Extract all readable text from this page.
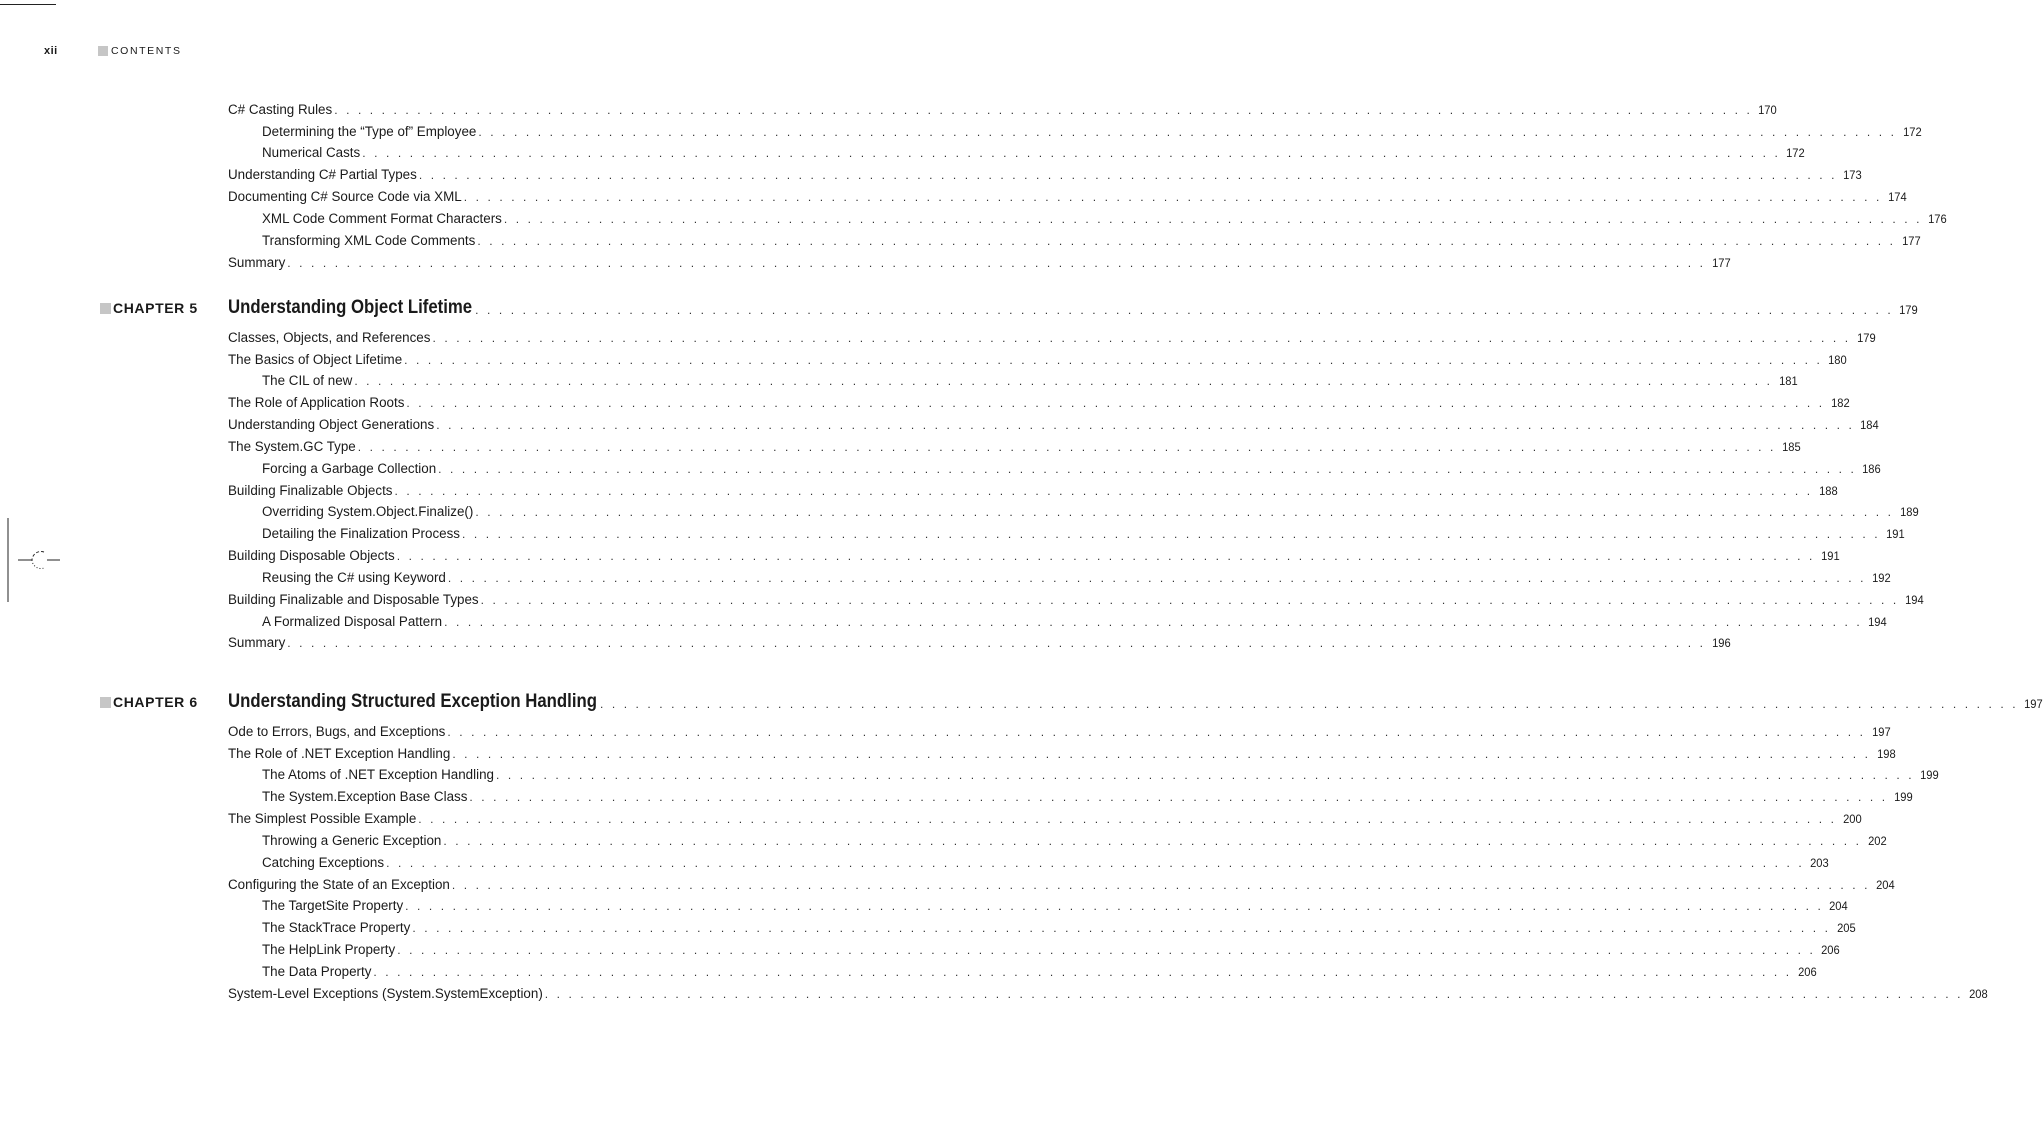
xii	CONTENTS
C# Casting Rules . . . . . . . . . . . . . . . . . . . . . . . . . . . . . . . . . . . . . . . . . . . . . . . . . . . . . . . . . . . . . . . . . . . . . . . . . . . . . . . . . . . . . . . . . . . . . . . . . . . . . . . . . . . . . . . . . . . . . . . . 170
Determining the “Type of” Employee . . . . . . . . . . . . . . . . . . . . . . . . . . . . . . . . . . . . . . . . . . . . . . . . . . . . . . . . . . . . . . . . . . . . . . . . . . . . . . . . . . . . . . . . . . . . . . . . . . . . . . . . . . . . . . . . . . . . . . . . 172
Numerical Casts . . . . . . . . . . . . . . . . . . . . . . . . . . . . . . . . . . . . . . . . . . . . . . . . . . . . . . . . . . . . . . . . . . . . . . . . . . . . . . . . . . . . . . . . . . . . . . . . . . . . . . . . . . . . . . . . . . . . . . . . 172
Understanding C# Partial Types . . . . . . . . . . . . . . . . . . . . . . . . . . . . . . . . . . . . . . . . . . . . . . . . . . . . . . . . . . . . . . . . . . . . . . . . . . . . . . . . . . . . . . . . . . . . . . . . . . . . . . . . . . . . . . . . . . . . . . . . 173
Documenting C# Source Code via XML . . . . . . . . . . . . . . . . . . . . . . . . . . . . . . . . . . . . . . . . . . . . . . . . . . . . . . . . . . . . . . . . . . . . . . . . . . . . . . . . . . . . . . . . . . . . . . . . . . . . . . . . . . . . . . . . . . . . . . . . 174
XML Code Comment Format Characters . . . . . . . . . . . . . . . . . . . . . . . . . . . . . . . . . . . . . . . . . . . . . . . . . . . . . . . . . . . . . . . . . . . . . . . . . . . . . . . . . . . . . . . . . . . . . . . . . . . . . . . . . . . . . . . . . . . . . . . . 176
Transforming XML Code Comments . . . . . . . . . . . . . . . . . . . . . . . . . . . . . . . . . . . . . . . . . . . . . . . . . . . . . . . . . . . . . . . . . . . . . . . . . . . . . . . . . . . . . . . . . . . . . . . . . . . . . . . . . . . . . . . . . . . . . . . . 177
Summary . . . . . . . . . . . . . . . . . . . . . . . . . . . . . . . . . . . . . . . . . . . . . . . . . . . . . . . . . . . . . . . . . . . . . . . . . . . . . . . . . . . . . . . . . . . . . . . . . . . . . . . . . . . . . . . . . . . . . . . . 177
CHAPTER 5 Understanding Object Lifetime . . . . . . . . . . . . . . . . . . . . . . . . . . . . . . . . . . . . . . . . . . . . . . . . . . . . . . . . . . . . . . . . . . . . . . . . . . . . . . . . . . . . . . . . . . . . . . . . . . . . . . . . . . . . . . . . . . . . . . . . 179
Classes, Objects, and References . . . . . . . . . . . . . . . . . . . . . . . . . . . . . . . . . . . . . . . . . . . . . . . . . . . . . . . . . . . . . . . . . . . . . . . . . . . . . . . . . . . . . . . . . . . . . . . . . . . . . . . . . . . . . . . . . . . . . . . . 179
The Basics of Object Lifetime . . . . . . . . . . . . . . . . . . . . . . . . . . . . . . . . . . . . . . . . . . . . . . . . . . . . . . . . . . . . . . . . . . . . . . . . . . . . . . . . . . . . . . . . . . . . . . . . . . . . . . . . . . . . . . . . . . . . . . . . 180
The CIL of new . . . . . . . . . . . . . . . . . . . . . . . . . . . . . . . . . . . . . . . . . . . . . . . . . . . . . . . . . . . . . . . . . . . . . . . . . . . . . . . . . . . . . . . . . . . . . . . . . . . . . . . . . . . . . . . . . . . . . . . . 181
The Role of Application Roots . . . . . . . . . . . . . . . . . . . . . . . . . . . . . . . . . . . . . . . . . . . . . . . . . . . . . . . . . . . . . . . . . . . . . . . . . . . . . . . . . . . . . . . . . . . . . . . . . . . . . . . . . . . . . . . . . . . . . . . . 182
Understanding Object Generations . . . . . . . . . . . . . . . . . . . . . . . . . . . . . . . . . . . . . . . . . . . . . . . . . . . . . . . . . . . . . . . . . . . . . . . . . . . . . . . . . . . . . . . . . . . . . . . . . . . . . . . . . . . . . . . . . . . . . . . . 184
The System.GC Type . . . . . . . . . . . . . . . . . . . . . . . . . . . . . . . . . . . . . . . . . . . . . . . . . . . . . . . . . . . . . . . . . . . . . . . . . . . . . . . . . . . . . . . . . . . . . . . . . . . . . . . . . . . . . . . . . . . . . . . . 185
Forcing a Garbage Collection . . . . . . . . . . . . . . . . . . . . . . . . . . . . . . . . . . . . . . . . . . . . . . . . . . . . . . . . . . . . . . . . . . . . . . . . . . . . . . . . . . . . . . . . . . . . . . . . . . . . . . . . . . . . . . . . . . . . . . . . 186
Building Finalizable Objects . . . . . . . . . . . . . . . . . . . . . . . . . . . . . . . . . . . . . . . . . . . . . . . . . . . . . . . . . . . . . . . . . . . . . . . . . . . . . . . . . . . . . . . . . . . . . . . . . . . . . . . . . . . . . . . . . . . . . . . . 188
Overriding System.Object.Finalize() . . . . . . . . . . . . . . . . . . . . . . . . . . . . . . . . . . . . . . . . . . . . . . . . . . . . . . . . . . . . . . . . . . . . . . . . . . . . . . . . . . . . . . . . . . . . . . . . . . . . . . . . . . . . . . . . . . . . . . . . 189
Detailing the Finalization Process . . . . . . . . . . . . . . . . . . . . . . . . . . . . . . . . . . . . . . . . . . . . . . . . . . . . . . . . . . . . . . . . . . . . . . . . . . . . . . . . . . . . . . . . . . . . . . . . . . . . . . . . . . . . . . . . . . . . . . . . 191
Building Disposable Objects . . . . . . . . . . . . . . . . . . . . . . . . . . . . . . . . . . . . . . . . . . . . . . . . . . . . . . . . . . . . . . . . . . . . . . . . . . . . . . . . . . . . . . . . . . . . . . . . . . . . . . . . . . . . . . . . . . . . . . . . 191
Reusing the C# using Keyword . . . . . . . . . . . . . . . . . . . . . . . . . . . . . . . . . . . . . . . . . . . . . . . . . . . . . . . . . . . . . . . . . . . . . . . . . . . . . . . . . . . . . . . . . . . . . . . . . . . . . . . . . . . . . . . . . . . . . . . . 192
Building Finalizable and Disposable Types . . . . . . . . . . . . . . . . . . . . . . . . . . . . . . . . . . . . . . . . . . . . . . . . . . . . . . . . . . . . . . . . . . . . . . . . . . . . . . . . . . . . . . . . . . . . . . . . . . . . . . . . . . . . . . . . . . . . . . . . 194
A Formalized Disposal Pattern . . . . . . . . . . . . . . . . . . . . . . . . . . . . . . . . . . . . . . . . . . . . . . . . . . . . . . . . . . . . . . . . . . . . . . . . . . . . . . . . . . . . . . . . . . . . . . . . . . . . . . . . . . . . . . . . . . . . . . . . 194
Summary . . . . . . . . . . . . . . . . . . . . . . . . . . . . . . . . . . . . . . . . . . . . . . . . . . . . . . . . . . . . . . . . . . . . . . . . . . . . . . . . . . . . . . . . . . . . . . . . . . . . . . . . . . . . . . . . . . . . . . . . 196
CHAPTER 6 Understanding Structured Exception Handling . . . . . . . . . . . . . . . . . . . . . . . . . . . . . . . . . . . . . . . . . . . . . . . . . . . . . . . . . . . . . . . . . . . . . . . . . . . . . . . . . . . . . . . . . . . . . . . . . . . . . . . . . . . . . . . . . . . . . . . . 197
Ode to Errors, Bugs, and Exceptions . . . . . . . . . . . . . . . . . . . . . . . . . . . . . . . . . . . . . . . . . . . . . . . . . . . . . . . . . . . . . . . . . . . . . . . . . . . . . . . . . . . . . . . . . . . . . . . . . . . . . . . . . . . . . . . . . . . . . . . . 197
The Role of .NET Exception Handling . . . . . . . . . . . . . . . . . . . . . . . . . . . . . . . . . . . . . . . . . . . . . . . . . . . . . . . . . . . . . . . . . . . . . . . . . . . . . . . . . . . . . . . . . . . . . . . . . . . . . . . . . . . . . . . . . . . . . . . . 198
The Atoms of .NET Exception Handling . . . . . . . . . . . . . . . . . . . . . . . . . . . . . . . . . . . . . . . . . . . . . . . . . . . . . . . . . . . . . . . . . . . . . . . . . . . . . . . . . . . . . . . . . . . . . . . . . . . . . . . . . . . . . . . . . . . . . . . . 199
The System.Exception Base Class . . . . . . . . . . . . . . . . . . . . . . . . . . . . . . . . . . . . . . . . . . . . . . . . . . . . . . . . . . . . . . . . . . . . . . . . . . . . . . . . . . . . . . . . . . . . . . . . . . . . . . . . . . . . . . . . . . . . . . . . 199
The Simplest Possible Example . . . . . . . . . . . . . . . . . . . . . . . . . . . . . . . . . . . . . . . . . . . . . . . . . . . . . . . . . . . . . . . . . . . . . . . . . . . . . . . . . . . . . . . . . . . . . . . . . . . . . . . . . . . . . . . . . . . . . . . . 200
Throwing a Generic Exception . . . . . . . . . . . . . . . . . . . . . . . . . . . . . . . . . . . . . . . . . . . . . . . . . . . . . . . . . . . . . . . . . . . . . . . . . . . . . . . . . . . . . . . . . . . . . . . . . . . . . . . . . . . . . . . . . . . . . . . . 202
Catching Exceptions . . . . . . . . . . . . . . . . . . . . . . . . . . . . . . . . . . . . . . . . . . . . . . . . . . . . . . . . . . . . . . . . . . . . . . . . . . . . . . . . . . . . . . . . . . . . . . . . . . . . . . . . . . . . . . . . . . . . . . . . 203
Configuring the State of an Exception . . . . . . . . . . . . . . . . . . . . . . . . . . . . . . . . . . . . . . . . . . . . . . . . . . . . . . . . . . . . . . . . . . . . . . . . . . . . . . . . . . . . . . . . . . . . . . . . . . . . . . . . . . . . . . . . . . . . . . . . 204
The TargetSite Property . . . . . . . . . . . . . . . . . . . . . . . . . . . . . . . . . . . . . . . . . . . . . . . . . . . . . . . . . . . . . . . . . . . . . . . . . . . . . . . . . . . . . . . . . . . . . . . . . . . . . . . . . . . . . . . . . . . . . . . . 204
The StackTrace Property . . . . . . . . . . . . . . . . . . . . . . . . . . . . . . . . . . . . . . . . . . . . . . . . . . . . . . . . . . . . . . . . . . . . . . . . . . . . . . . . . . . . . . . . . . . . . . . . . . . . . . . . . . . . . . . . . . . . . . . . 205
The HelpLink Property . . . . . . . . . . . . . . . . . . . . . . . . . . . . . . . . . . . . . . . . . . . . . . . . . . . . . . . . . . . . . . . . . . . . . . . . . . . . . . . . . . . . . . . . . . . . . . . . . . . . . . . . . . . . . . . . . . . . . . . . 206
The Data Property . . . . . . . . . . . . . . . . . . . . . . . . . . . . . . . . . . . . . . . . . . . . . . . . . . . . . . . . . . . . . . . . . . . . . . . . . . . . . . . . . . . . . . . . . . . . . . . . . . . . . . . . . . . . . . . . . . . . . . . . 206
System-Level Exceptions (System.SystemException) . . . . . . . . . . . . . . . . . . . . . . . . . . . . . . . . . . . . . . . . . . . . . . . . . . . . . . . . . . . . . . . . . . . . . . . . . . . . . . . . . . . . . . . . . . . . . . . . . . . . . . . . . . . . . . . . . . . . . . . . 208
